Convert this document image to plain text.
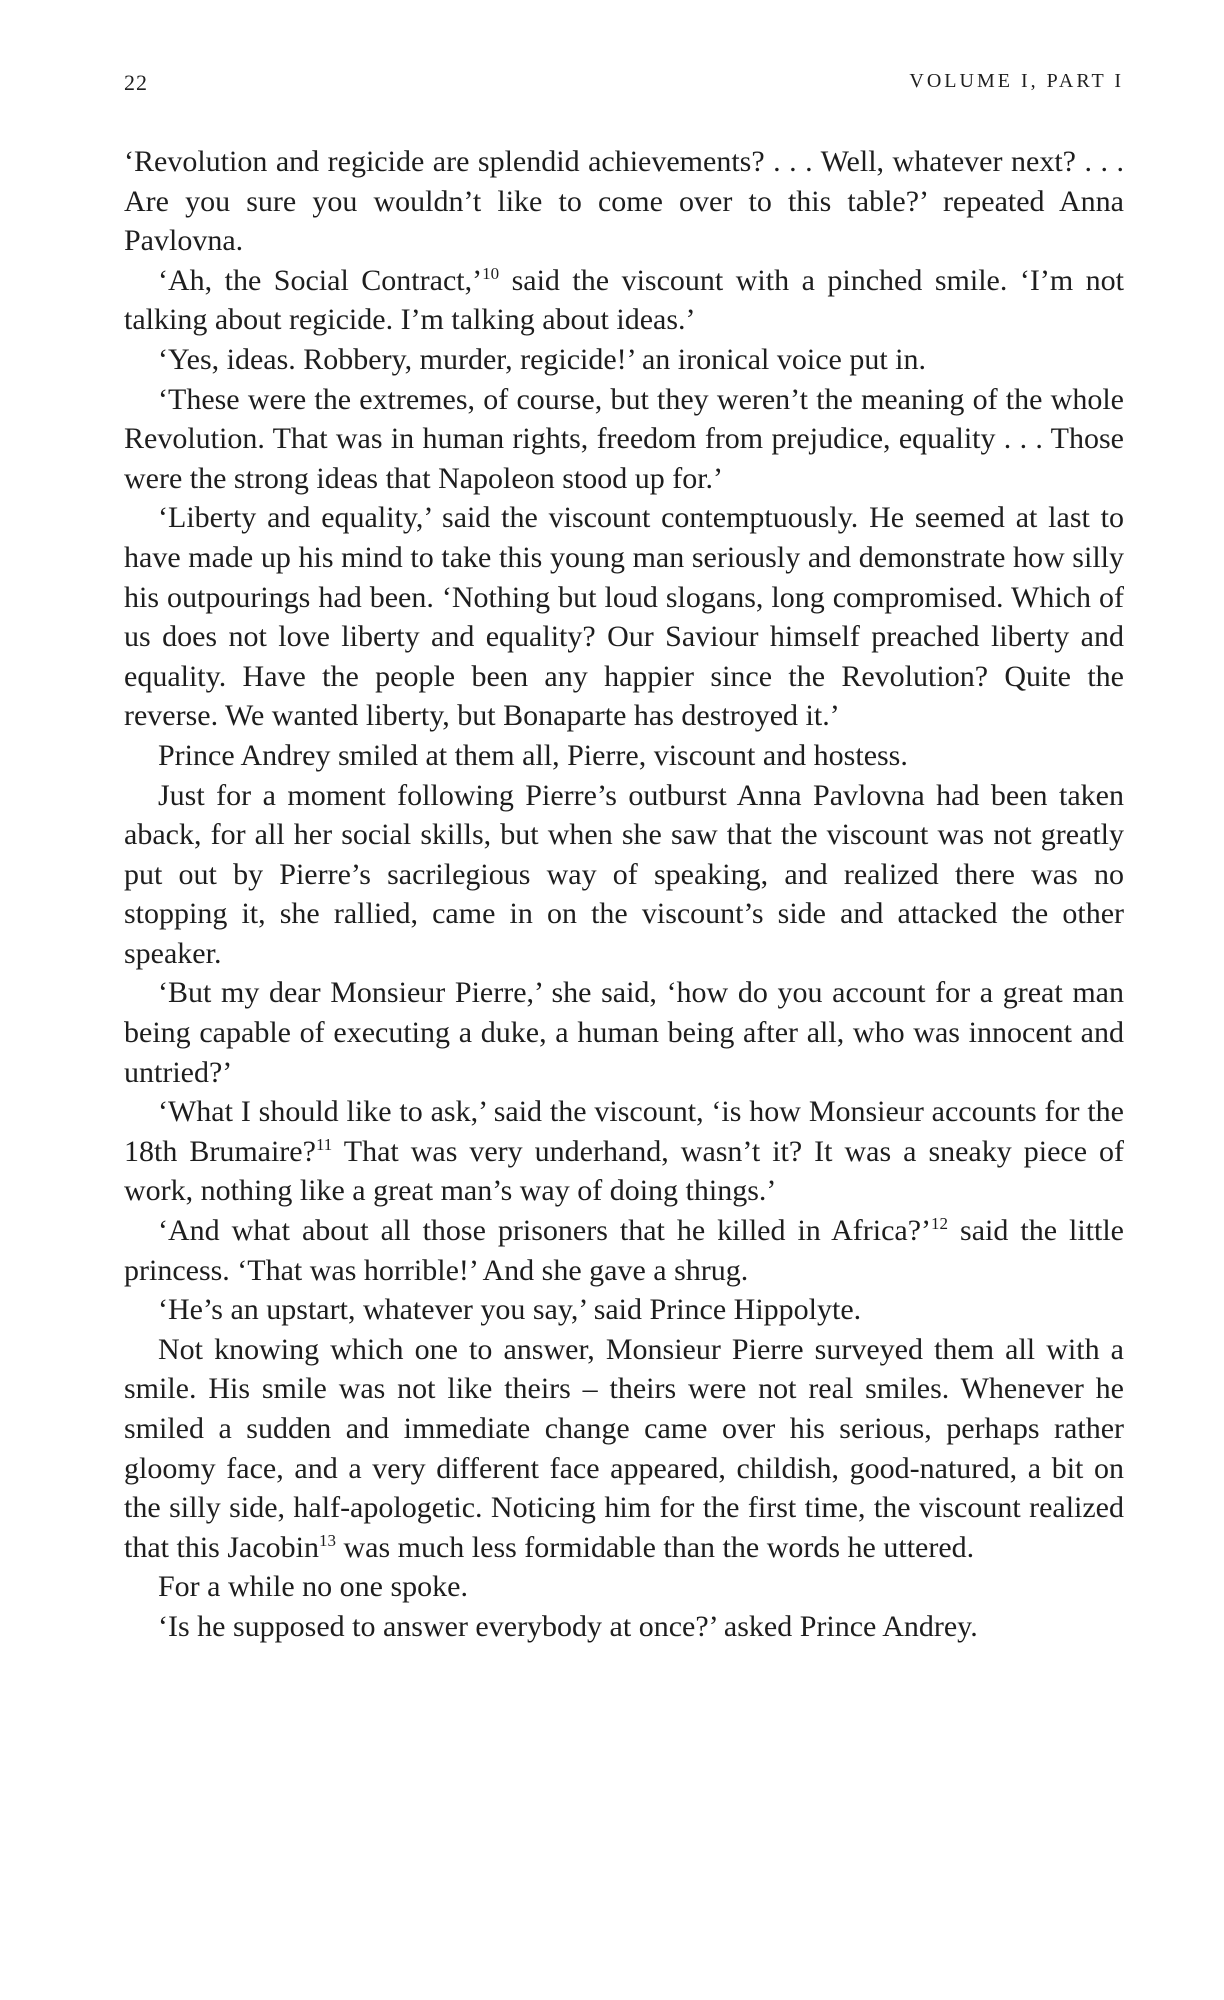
22	VOLUME I, PART I

‘Revolution and regicide are splendid achievements? . . . Well, whatever next? . . . Are you sure you wouldn’t like to come over to this table?’ repeated Anna Pavlovna.

‘Ah, the Social Contract,’$^{10}$ said the viscount with a pinched smile. ‘I’m not talking about regicide. I’m talking about ideas.’

‘Yes, ideas. Robbery, murder, regicide!’ an ironical voice put in.

‘These were the extremes, of course, but they weren’t the meaning of the whole Revolution. That was in human rights, freedom from prejudice, equality . . . Those were the strong ideas that Napoleon stood up for.’

‘Liberty and equality,’ said the viscount contemptuously. He seemed at last to have made up his mind to take this young man seriously and demonstrate how silly his outpourings had been. ‘Nothing but loud slogans, long compromised. Which of us does not love liberty and equality? Our Saviour himself preached liberty and equality. Have the people been any happier since the Revolution? Quite the reverse. We wanted liberty, but Bonaparte has destroyed it.’

Prince Andrey smiled at them all, Pierre, viscount and hostess.

Just for a moment following Pierre’s outburst Anna Pavlovna had been taken aback, for all her social skills, but when she saw that the viscount was not greatly put out by Pierre’s sacrilegious way of speaking, and realized there was no stopping it, she rallied, came in on the viscount’s side and attacked the other speaker.

‘But my dear Monsieur Pierre,’ she said, ‘how do you account for a great man being capable of executing a duke, a human being after all, who was innocent and untried?’

‘What I should like to ask,’ said the viscount, ‘is how Monsieur accounts for the 18th Brumaire?$^{11}$ That was very underhand, wasn’t it? It was a sneaky piece of work, nothing like a great man’s way of doing things.’

‘And what about all those prisoners that he killed in Africa?’$^{12}$ said the little princess. ‘That was horrible!’ And she gave a shrug.

‘He’s an upstart, whatever you say,’ said Prince Hippolyte.

Not knowing which one to answer, Monsieur Pierre surveyed them all with a smile. His smile was not like theirs – theirs were not real smiles. Whenever he smiled a sudden and immediate change came over his serious, perhaps rather gloomy face, and a very different face appeared, childish, good-natured, a bit on the silly side, half-apologetic. Noticing him for the first time, the viscount realized that this Jacobin$^{13}$ was much less formidable than the words he uttered.

For a while no one spoke.

‘Is he supposed to answer everybody at once?’ asked Prince Andrey.
